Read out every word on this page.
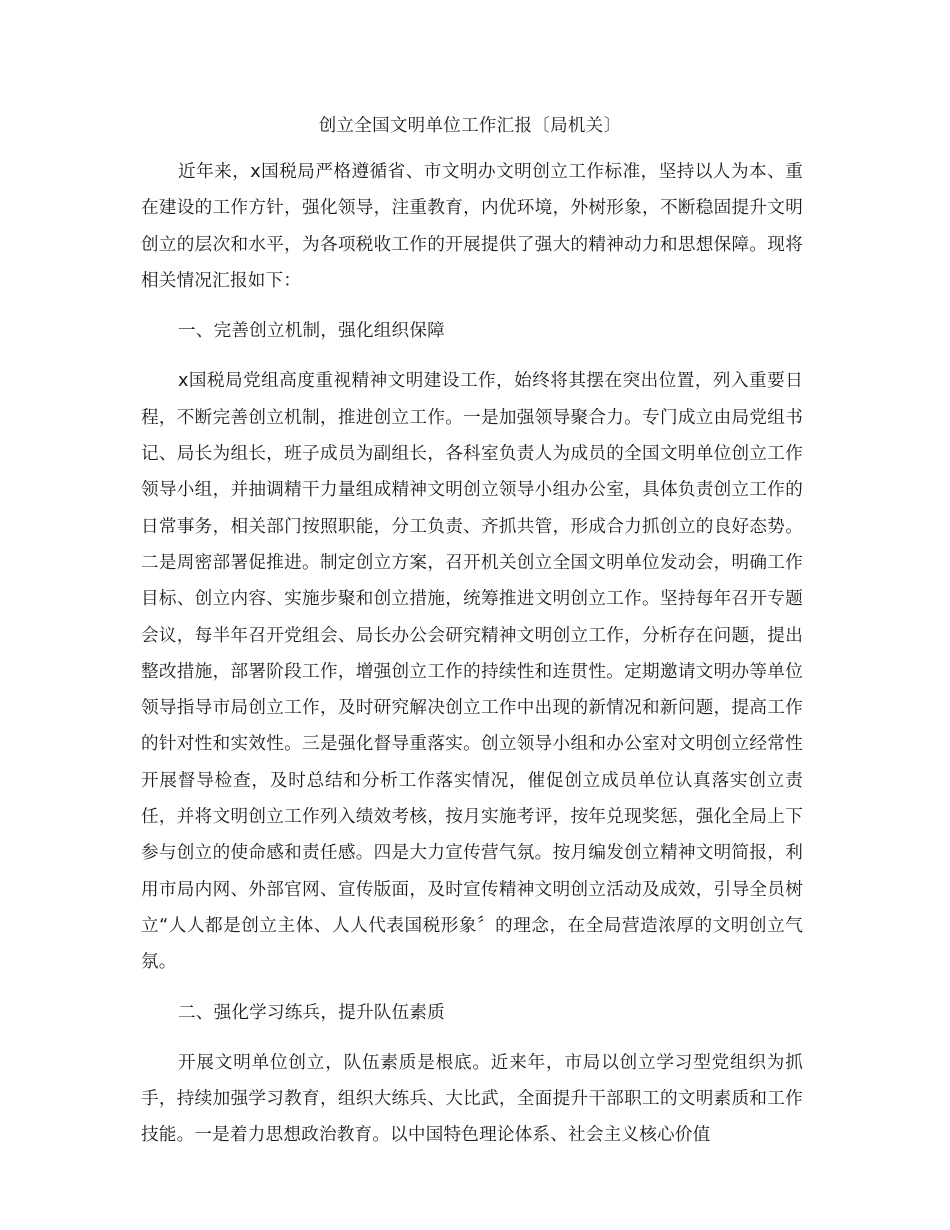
创立全国文明单位工作汇报〔局机关〕

近年来，x国税局严格遵循省、市文明办文明创立工作标准，坚持以人为本、重在建设的工作方针，强化领导，注重教育，内优环境，外树形象，不断稳固提升文明创立的层次和水平，为各项税收工作的开展提供了强大的精神动力和思想保障。现将相关情况汇报如下：

一、完善创立机制，强化组织保障

x国税局党组高度重视精神文明建设工作，始终将其摆在突出位置，列入重要日程，不断完善创立机制，推进创立工作。一是加强领导聚合力。专门成立由局党组书记、局长为组长，班子成员为副组长，各科室负责人为成员的全国文明单位创立工作领导小组，并抽调精干力量组成精神文明创立领导小组办公室，具体负责创立工作的日常事务，相关部门按照职能，分工负责、齐抓共管，形成合力抓创立的良好态势。二是周密部署促推进。制定创立方案，召开机关创立全国文明单位发动会，明确工作目标、创立内容、实施步聚和创立措施，统筹推进文明创立工作。坚持每年召开专题会议，每半年召开党组会、局长办公会研究精神文明创立工作，分析存在问题，提出整改措施，部署阶段工作，增强创立工作的持续性和连贯性。定期邀请文明办等单位领导指导市局创立工作，及时研究解决创立工作中出现的新情况和新问题，提高工作的针对性和实效性。三是强化督导重落实。创立领导小组和办公室对文明创立经常性开展督导检查，及时总结和分析工作落实情况，催促创立成员单位认真落实创立责任，并将文明创立工作列入绩效考核，按月实施考评，按年兑现奖惩，强化全局上下参与创立的使命感和责任感。四是大力宣传营气氛。按月编发创立精神文明简报，利用市局内网、外部官网、宣传版面，及时宣传精神文明创立活动及成效，引导全员树立“人人都是创立主体、人人代表国税形象〞的理念，在全局营造浓厚的文明创立气氛。

二、强化学习练兵，提升队伍素质

开展文明单位创立，队伍素质是根底。近来年，市局以创立学习型党组织为抓手，持续加强学习教育，组织大练兵、大比武，全面提升干部职工的文明素质和工作技能。一是着力思想政治教育。以中国特色理论体系、社会主义核心价值
